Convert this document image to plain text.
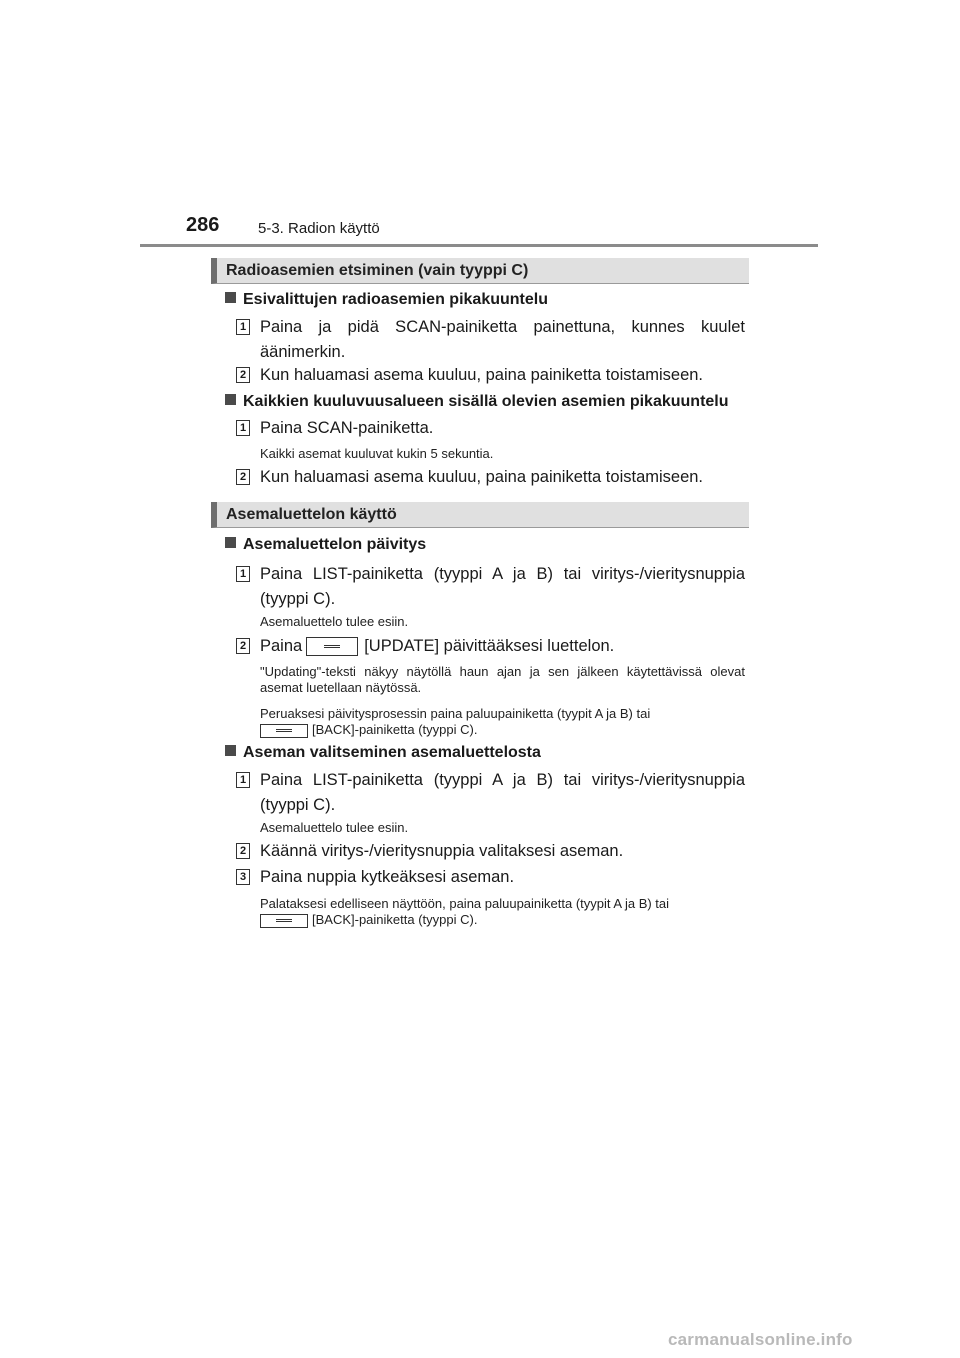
286	5-3. Radion käyttö
Radioasemien etsiminen (vain tyyppi C)
Esivalittujen radioasemien pikakuuntelu
1 Paina ja pidä SCAN-painiketta painettuna, kunnes kuulet äänimerkin.
2 Kun haluamasi asema kuuluu, paina painiketta toistamiseen.
Kaikkien kuuluvuusalueen sisällä olevien asemien pikakuuntelu
1 Paina SCAN-painiketta.
Kaikki asemat kuuluvat kukin 5 sekuntia.
2 Kun haluamasi asema kuuluu, paina painiketta toistamiseen.
Asemaluettelon käyttö
Asemaluettelon päivitys
1 Paina LIST-painiketta (tyyppi A ja B) tai viritys-/vieritysnuppia (tyyppi C).
Asemaluettelo tulee esiin.
2 Paina	[UPDATE] päivittääksesi luettelon.
"Updating"-teksti näkyy näytöllä haun ajan ja sen jälkeen käytettävissä olevat asemat luetellaan näytössä.
Peruaksesi päivitysprosessin paina paluupainiketta (tyypit A ja B) tai

[BACK]-painiketta (tyyppi C).
Aseman valitseminen asemaluettelosta
1 Paina LIST-painiketta (tyyppi A ja B) tai viritys-/vieritysnuppia (tyyppi C).
Asemaluettelo tulee esiin.
2 Käännä viritys-/vieritysnuppia valitaksesi aseman.
3 Paina nuppia kytkeäksesi aseman.
Palataksesi edelliseen näyttöön, paina paluupainiketta (tyypit A ja B) tai

[BACK]-painiketta (tyyppi C).
carmanualsonline.info
